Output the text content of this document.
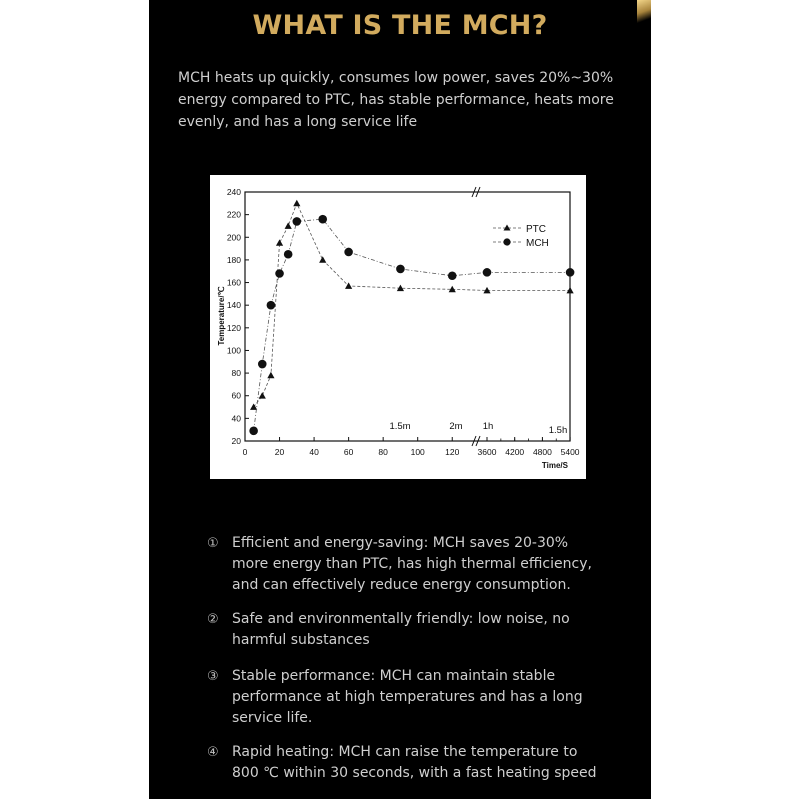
WHAT IS THE MCH?

MCH heats up quickly, consumes low power, saves 20%~30% energy compared to PTC, has stable performance, heats more evenly, and has a long service life

20
40
60
80
100
120
140
160
180
200
220
240
0	20	40	60	80	100 120 3600 4200 4800 5400
Temperature/℃
Time/S
1.5m	2m 1h	1.5h
PTC
MCH
① Efficient and energy-saving: MCH saves 20-30% more energy than PTC, has high thermal efficiency, and can effectively reduce energy consumption.
② Safe and environmentally friendly: low noise, no harmful substances
③ Stable performance: MCH can maintain stable performance at high temperatures and has a long service life.
④ Rapid heating: MCH can raise the temperature to 800 ℃ within 30 seconds, with a fast heating speed
